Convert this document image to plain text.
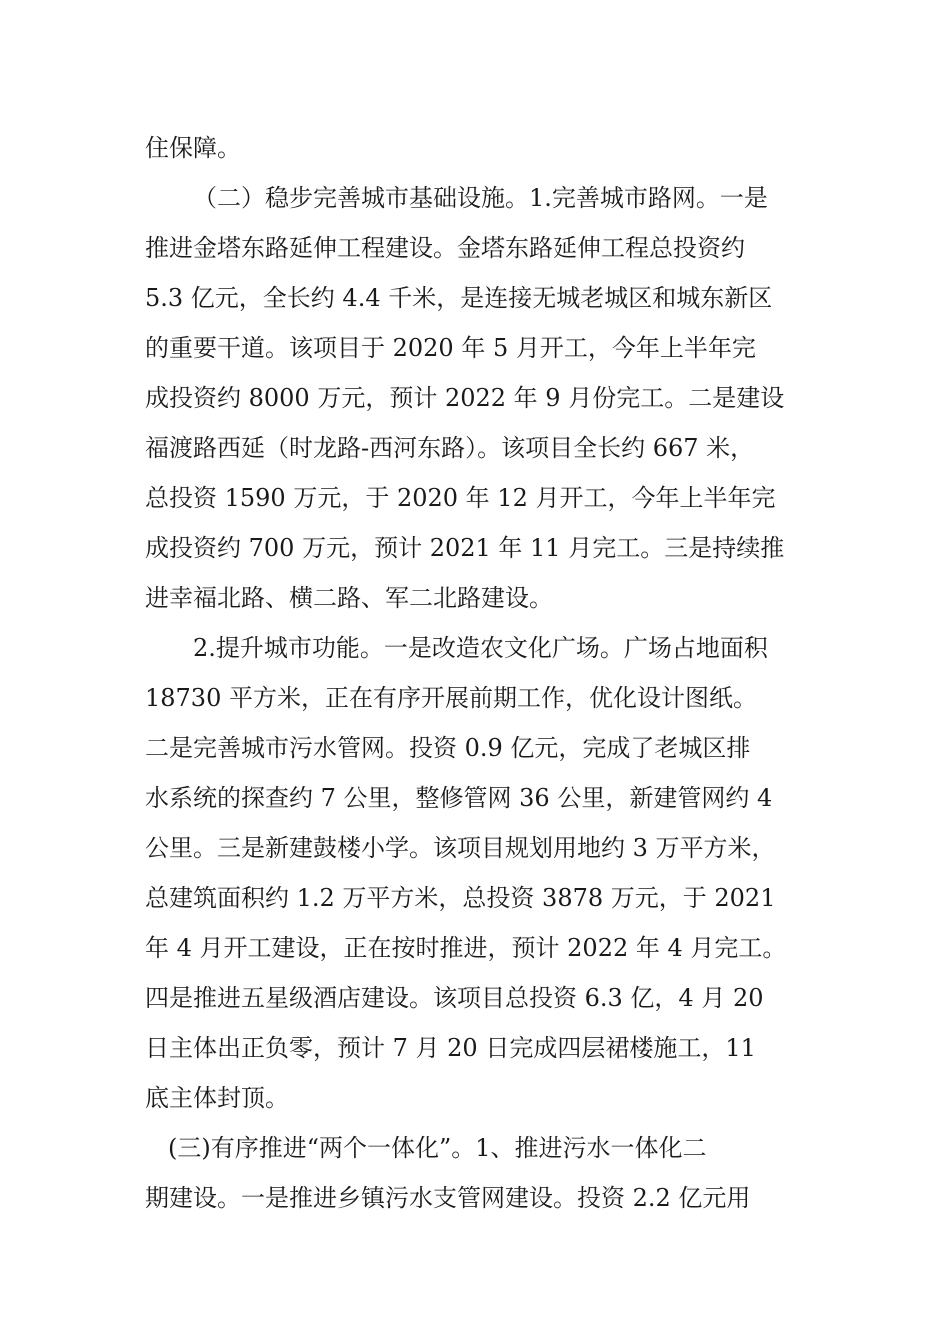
住保障。
（二）稳步完善城市基础设施。1.完善城市路网。一是
推进金塔东路延伸工程建设。金塔东路延伸工程总投资约
5.3 亿元，全长约 4.4 千米，是连接无城老城区和城东新区
的重要干道。该项目于 2020 年 5 月开工，今年上半年完
成投资约 8000 万元，预计 2022 年 9 月份完工。二是建设
福渡路西延（时龙路-西河东路）。该项目全长约 667 米，
总投资 1590 万元，于 2020 年 12 月开工，今年上半年完
成投资约 700 万元，预计 2021 年 11 月完工。三是持续推
进幸福北路、横二路、军二北路建设。
2.提升城市功能。一是改造农文化广场。广场占地面积
18730 平方米，正在有序开展前期工作，优化设计图纸。
二是完善城市污水管网。投资 0.9 亿元，完成了老城区排
水系统的探查约 7 公里，整修管网 36 公里，新建管网约 4
公里。三是新建鼓楼小学。该项目规划用地约 3 万平方米，
总建筑面积约 1.2 万平方米，总投资 3878 万元，于 2021
年 4 月开工建设，正在按时推进，预计 2022 年 4 月完工。
四是推进五星级酒店建设。该项目总投资 6.3 亿，4 月 20
日主体出正负零，预计 7 月 20 日完成四层裙楼施工，11
底主体封顶。
(三)有序推进“两个一体化”。1、推进污水一体化二
期建设。一是推进乡镇污水支管网建设。投资 2.2 亿元用
